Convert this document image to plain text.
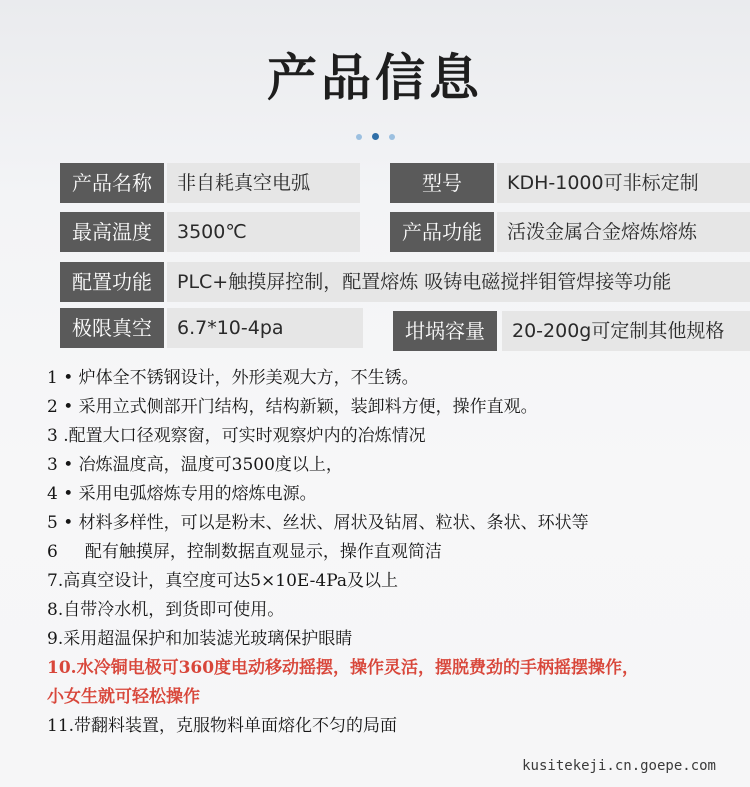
产品信息
产品名称	非自耗真空电弧	型号	KDH-1000可非标定制
最高温度	3500℃	产品功能	活泼金属合金熔炼熔炼
配置功能	PLC+触摸屏控制，配置熔炼 吸铸电磁搅拌钼管焊接等功能
极限真空	6.7*10-4pa	坩埚容量	20-200g可定制其他规格
1 • 炉体全不锈钢设计，外形美观大方，不生锈。
2 • 采用立式侧部开门结构，结构新颖，装卸料方便，操作直观。
3 .配置大口径观察窗，可实时观察炉内的冶炼情况
3 • 冶炼温度高，温度可3500度以上，
4 • 采用电弧熔炼专用的熔炼电源。
5 • 材料多样性，可以是粉末、丝状、屑状及钻屑、粒状、条状、环状等
6     配有触摸屏，控制数据直观显示，操作直观简洁
7.高真空设计，真空度可达5×10E-4Pa及以上
8.自带冷水机，到货即可使用。
9.采用超温保护和加装滤光玻璃保护眼睛
10.水冷铜电极可360度电动移动摇摆，操作灵活，摆脱费劲的手柄摇摆操作，
小女生就可轻松操作
11.带翻料装置，克服物料单面熔化不匀的局面
kusitekeji.cn.goepe.com
